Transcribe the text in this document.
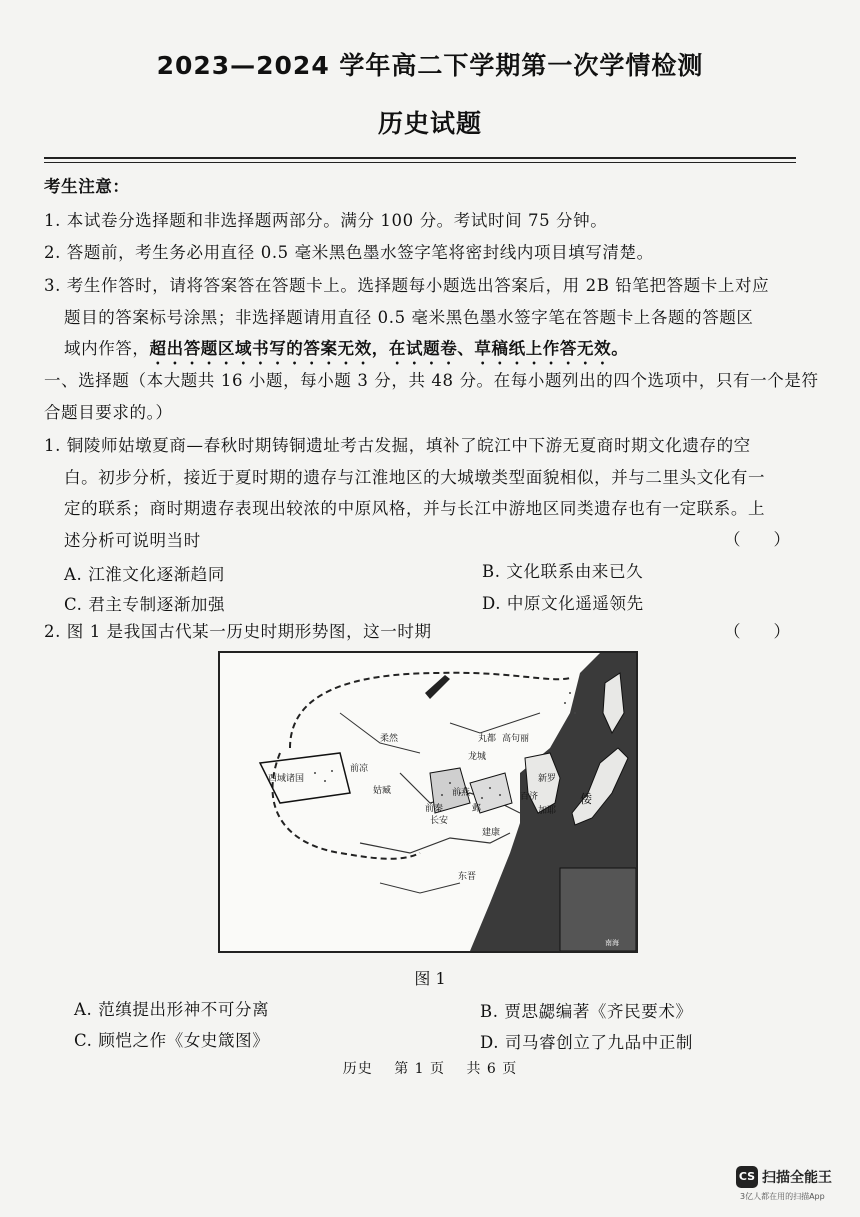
2023—2024 学年高二下学期第一次学情检测
历史试题
考生注意：
1. 本试卷分选择题和非选择题两部分。满分 100 分。考试时间 75 分钟。
2. 答题前，考生务必用直径 0.5 毫米黑色墨水签字笔将密封线内项目填写清楚。
3. 考生作答时，请将答案答在答题卡上。选择题每小题选出答案后，用 2B 铅笔把答题卡上对应
题目的答案标号涂黑；非选择题请用直径 0.5 毫米黑色墨水签字笔在答题卡上各题的答题区
域内作答，超出答题区域书写的答案无效，在试题卷、草稿纸上作答无效。
一、选择题（本大题共 16 小题，每小题 3 分，共 48 分。在每小题列出的四个选项中，只有一个是符
合题目要求的。）
1. 铜陵师姑墩夏商—春秋时期铸铜遗址考古发掘，填补了皖江中下游无夏商时期文化遗存的空
白。初步分析，接近于夏时期的遗存与江淮地区的大城墩类型面貌相似，并与二里头文化有一
定的联系；商时期遗存表现出较浓的中原风格，并与长江中游地区同类遗存也有一定联系。上
述分析可说明当时	（　　）
A. 江淮文化逐渐趋同	B. 文化联系由来已久
C. 君主专制逐渐加强	D. 中原文化遥遥领先
2. 图 1 是我国古代某一历史时期形势图，这一时期	（　　）
柔然
西域诸国
前凉
姑臧
前秦
长安
前燕
邺
丸都 高句丽
龙城
新罗
百济
加耶
倭
建康
东晋
南海
图 1
A. 范缜提出形神不可分离	B. 贾思勰编著《齐民要术》
C. 顾恺之作《女史箴图》	D. 司马睿创立了九品中正制
历史 第 1 页 共 6 页
CS 扫描全能王
3亿人都在用的扫描App
